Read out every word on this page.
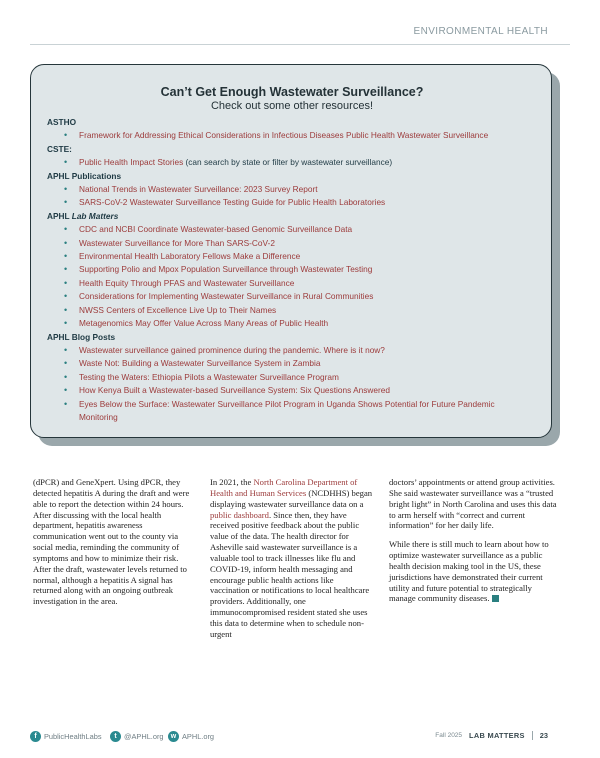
ENVIRONMENTAL HEALTH
Can’t Get Enough Wastewater Surveillance?
Check out some other resources!
ASTHO
• Framework for Addressing Ethical Considerations in Infectious Diseases Public Health Wastewater Surveillance
CSTE:
• Public Health Impact Stories (can search by state or filter by wastewater surveillance)
APHL Publications
• National Trends in Wastewater Surveillance: 2023 Survey Report
• SARS-CoV-2 Wastewater Surveillance Testing Guide for Public Health Laboratories
APHL Lab Matters
• CDC and NCBI Coordinate Wastewater-based Genomic Surveillance Data
• Wastewater Surveillance for More Than SARS-CoV-2
• Environmental Health Laboratory Fellows Make a Difference
• Supporting Polio and Mpox Population Surveillance through Wastewater Testing
• Health Equity Through PFAS and Wastewater Surveillance
• Considerations for Implementing Wastewater Surveillance in Rural Communities
• NWSS Centers of Excellence Live Up to Their Names
• Metagenomics May Offer Value Across Many Areas of Public Health
APHL Blog Posts
• Wastewater surveillance gained prominence during the pandemic. Where is it now?
• Waste Not: Building a Wastewater Surveillance System in Zambia
• Testing the Waters: Ethiopia Pilots a Wastewater Surveillance Program
• How Kenya Built a Wastewater-based Surveillance System: Six Questions Answered
• Eyes Below the Surface: Wastewater Surveillance Pilot Program in Uganda Shows Potential for Future Pandemic Monitoring

(dPCR) and GeneXpert. Using dPCR, they detected hepatitis A during the draft and were able to report the detection within 24 hours. After discussing with the local health department, hepatitis awareness communication went out to the county via social media, reminding the community of symptoms and how to minimize their risk. After the draft, wastewater levels returned to normal, although a hepatitis A signal has returned along with an ongoing outbreak investigation in the area.

In 2021, the North Carolina Department of Health and Human Services (NCDHHS) began displaying wastewater surveillance data on a public dashboard. Since then, they have received positive feedback about the public value of the data. The health director for Asheville said wastewater surveillance is a valuable tool to track illnesses like flu and COVID-19, inform health messaging and encourage public health actions like vaccination or notifications to local healthcare providers. Additionally, one immunocompromised resident stated she uses this data to determine when to schedule non-urgent

doctors’ appointments or attend group activities. She said wastewater surveillance was a “trusted bright light” in North Carolina and uses this data to arm herself with “correct and current information” for her daily life.

While there is still much to learn about how to optimize wastewater surveillance as a public health decision making tool in the US, these jurisdictions have demonstrated their current utility and future potential to strategically manage community diseases.

f PublicHealthLabs	t @APHL.org	w APHL.org	Fall 2025 LAB MATTERS 23
